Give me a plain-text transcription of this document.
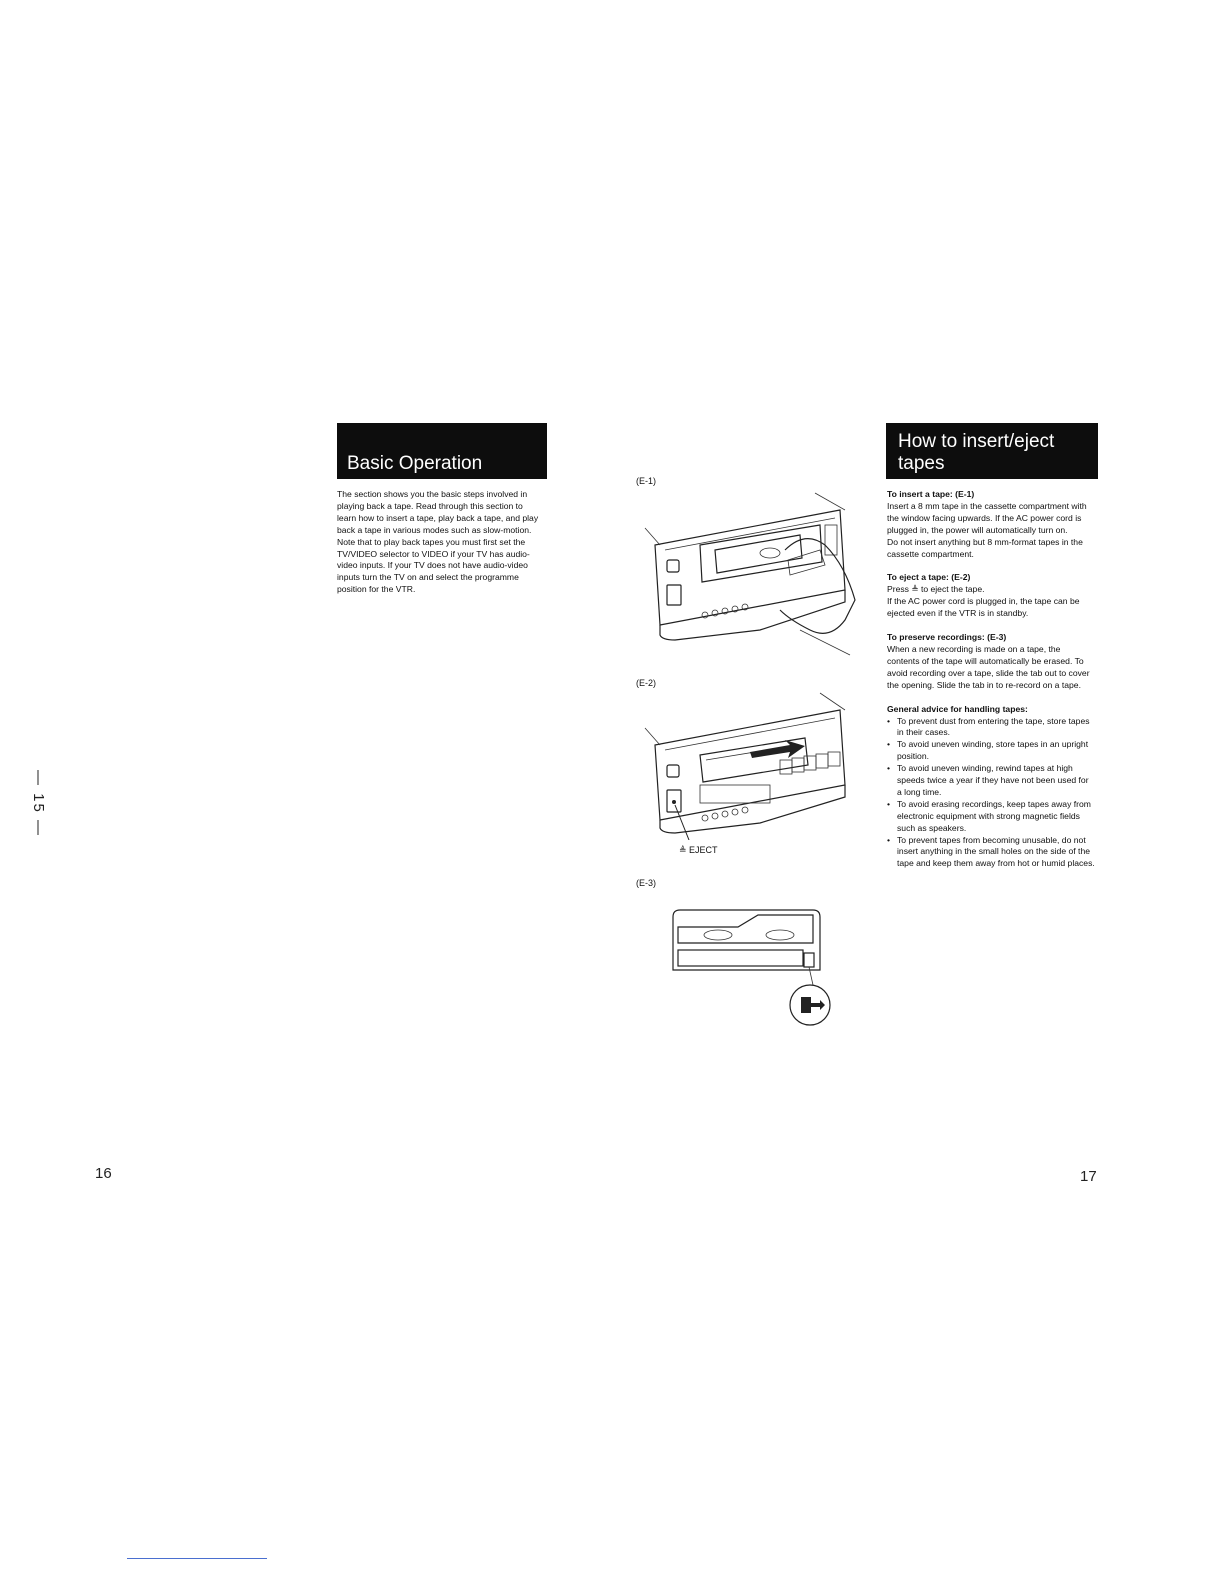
— 15 —
Basic Operation

The section shows you the basic steps involved in playing back a tape. Read through this section to learn how to insert a tape, play back a tape, and play back a tape in various modes such as slow-motion. Note that to play back tapes you must first set the TV/VIDEO selector to VIDEO if your TV has audio-video inputs. If your TV does not have audio-video inputs turn the TV on and select the programme position for the VTR.

16
(E-1)
(E-2)
≜ EJECT
(E-3)
How to insert/eject tapes

To insert a tape: (E-1)

Insert a 8 mm tape in the cassette compartment with the window facing upwards. If the AC power cord is plugged in, the power will automatically turn on.

Do not insert anything but 8 mm-format tapes in the cassette compartment.

To eject a tape: (E-2)

Press ≜ to eject the tape.

If the AC power cord is plugged in, the tape can be ejected even if the VTR is in standby.

To preserve recordings: (E-3)

When a new recording is made on a tape, the contents of the tape will automatically be erased. To avoid recording over a tape, slide the tab out to cover the opening. Slide the tab in to re-record on a tape.

General advice for handling tapes:

• To prevent dust from entering the tape, store tapes in their cases.
• To avoid uneven winding, store tapes in an upright position.
• To avoid uneven winding, rewind tapes at high speeds twice a year if they have not been used for a long time.
• To avoid erasing recordings, keep tapes away from electronic equipment with strong magnetic fields such as speakers.
• To prevent tapes from becoming unusable, do not insert anything in the small holes on the side of the tape and keep them away from hot or humid places.
17
